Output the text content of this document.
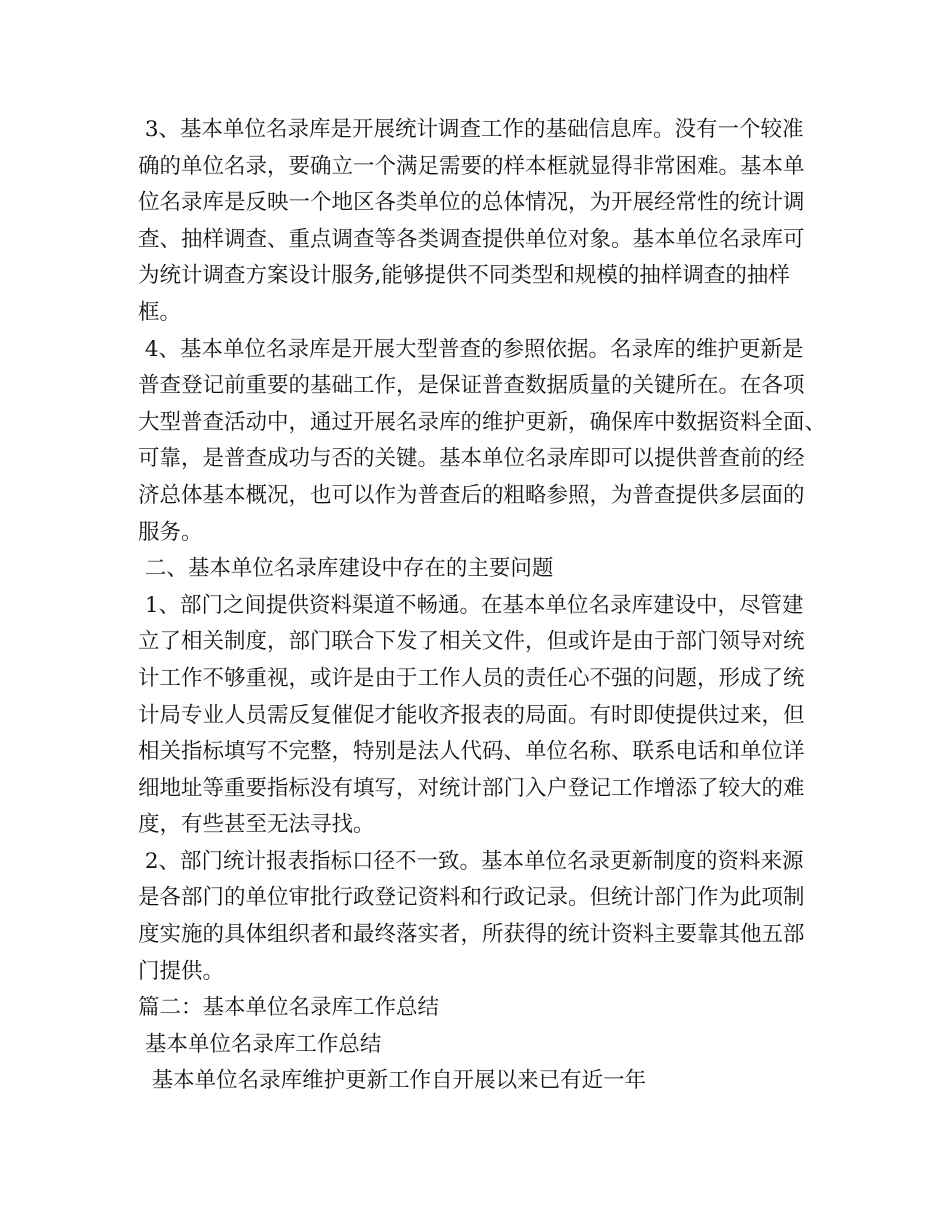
3、基本单位名录库是开展统计调查工作的基础信息库。没有一个较准
确的单位名录，要确立一个满足需要的样本框就显得非常困难。基本单
位名录库是反映一个地区各类单位的总体情况，为开展经常性的统计调
查、抽样调查、重点调查等各类调查提供单位对象。基本单位名录库可
为统计调查方案设计服务,能够提供不同类型和规模的抽样调查的抽样
框。
4、基本单位名录库是开展大型普查的参照依据。名录库的维护更新是
普查登记前重要的基础工作，是保证普查数据质量的关键所在。在各项
大型普查活动中，通过开展名录库的维护更新，确保库中数据资料全面、
可靠，是普查成功与否的关键。基本单位名录库即可以提供普查前的经
济总体基本概况，也可以作为普查后的粗略参照，为普查提供多层面的
服务。
二、基本单位名录库建设中存在的主要问题
1、部门之间提供资料渠道不畅通。在基本单位名录库建设中，尽管建
立了相关制度，部门联合下发了相关文件，但或许是由于部门领导对统
计工作不够重视，或许是由于工作人员的责任心不强的问题，形成了统
计局专业人员需反复催促才能收齐报表的局面。有时即使提供过来，但
相关指标填写不完整，特别是法人代码、单位名称、联系电话和单位详
细地址等重要指标没有填写，对统计部门入户登记工作增添了较大的难
度，有些甚至无法寻找。
2、部门统计报表指标口径不一致。基本单位名录更新制度的资料来源
是各部门的单位审批行政登记资料和行政记录。但统计部门作为此项制
度实施的具体组织者和最终落实者，所获得的统计资料主要靠其他五部
门提供。
篇二：基本单位名录库工作总结
基本单位名录库工作总结
基本单位名录库维护更新工作自开展以来已有近一年
